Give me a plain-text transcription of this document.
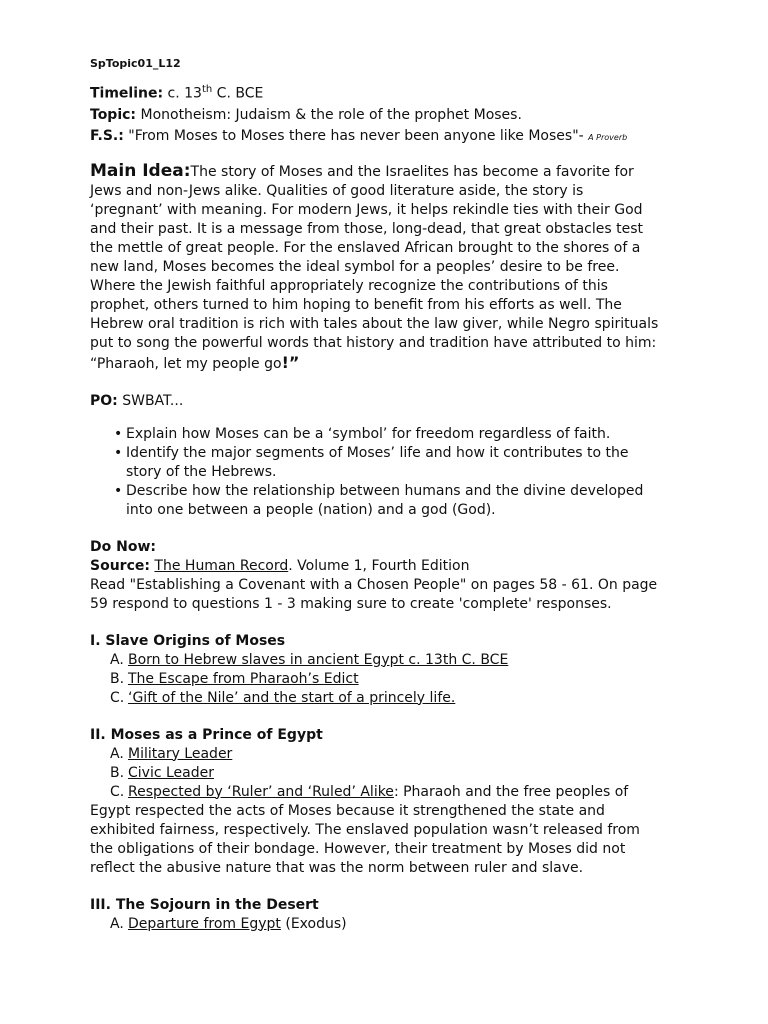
SpTopic01_L12
Timeline: c. 13th C. BCE
Topic: Monotheism: Judaism & the role of the prophet Moses.
F.S.: "From Moses to Moses there has never been anyone like Moses"- A Proverb
Main Idea:The story of Moses and the Israelites has become a favorite for Jews and non-Jews alike. Qualities of good literature aside, the story is ‘pregnant’ with meaning. For modern Jews, it helps rekindle ties with their God and their past. It is a message from those, long-dead, that great obstacles test the mettle of great people. For the enslaved African brought to the shores of a new land, Moses becomes the ideal symbol for a peoples’ desire to be free. Where the Jewish faithful appropriately recognize the contributions of this prophet, others turned to him hoping to benefit from his efforts as well. The Hebrew oral tradition is rich with tales about the law giver, while Negro spirituals put to song the powerful words that history and tradition have attributed to him: “Pharaoh, let my people go!”
PO: SWBAT...
• Explain how Moses can be a ‘symbol’ for freedom regardless of faith.
• Identify the major segments of Moses’ life and how it contributes to the story of the Hebrews.
• Describe how the relationship between humans and the divine developed into one between a people (nation) and a god (God).
Do Now:
Source: The Human Record. Volume 1, Fourth Edition
Read "Establishing a Covenant with a Chosen People" on pages 58 - 61. On page 59 respond to questions 1 - 3 making sure to create 'complete' responses.
I. Slave Origins of Moses
A. Born to Hebrew slaves in ancient Egypt c. 13th C. BCE
B. The Escape from Pharaoh’s Edict
C. ‘Gift of the Nile’ and the start of a princely life.
II. Moses as a Prince of Egypt
A. Military Leader
B. Civic Leader
C. Respected by ‘Ruler’ and ‘Ruled’ Alike: Pharaoh and the free peoples of Egypt respected the acts of Moses because it strengthened the state and exhibited fairness, respectively. The enslaved population wasn’t released from the obligations of their bondage. However, their treatment by Moses did not reflect the abusive nature that was the norm between ruler and slave.
III. The Sojourn in the Desert
A. Departure from Egypt (Exodus)
